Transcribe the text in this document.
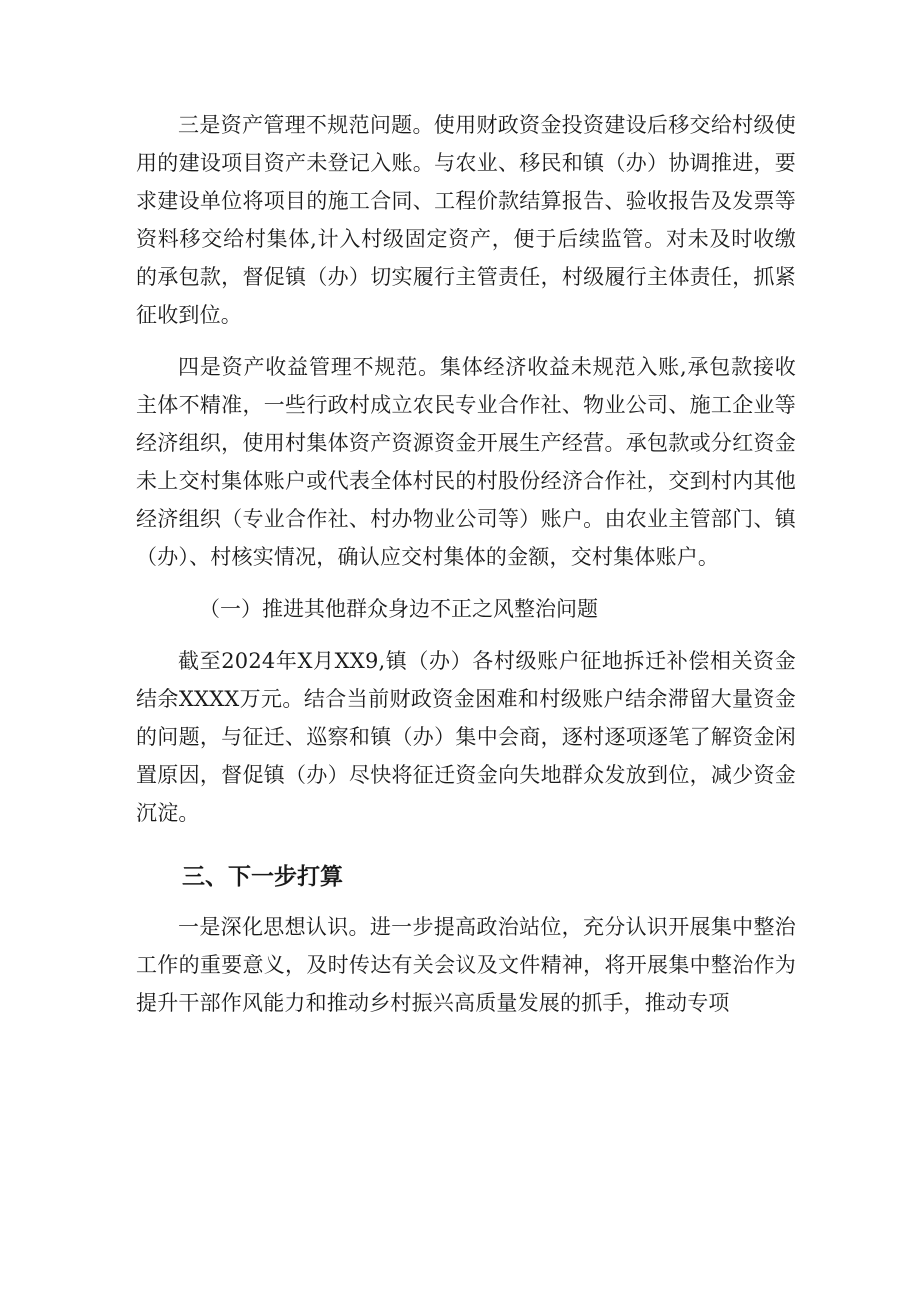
三是资产管理不规范问题。使用财政资金投资建设后移交给村级使用的建设项目资产未登记入账。与农业、移民和镇（办）协调推进，要求建设单位将项目的施工合同、工程价款结算报告、验收报告及发票等资料移交给村集体,计入村级固定资产，便于后续监管。对未及时收缴的承包款，督促镇（办）切实履行主管责任，村级履行主体责任，抓紧征收到位。

四是资产收益管理不规范。集体经济收益未规范入账,承包款接收主体不精准，一些行政村成立农民专业合作社、物业公司、施工企业等经济组织，使用村集体资产资源资金开展生产经营。承包款或分红资金未上交村集体账户或代表全体村民的村股份经济合作社，交到村内其他经济组织（专业合作社、村办物业公司等）账户。由农业主管部门、镇（办）、村核实情况，确认应交村集体的金额，交村集体账户。

（一）推进其他群众身边不正之风整治问题

截至2024年X月XX9,镇（办）各村级账户征地拆迁补偿相关资金结余XXXX万元。结合当前财政资金困难和村级账户结余滞留大量资金的问题，与征迁、巡察和镇（办）集中会商，逐村逐项逐笔了解资金闲置原因，督促镇（办）尽快将征迁资金向失地群众发放到位，减少资金沉淀。

三、下一步打算

一是深化思想认识。进一步提高政治站位，充分认识开展集中整治工作的重要意义，及时传达有关会议及文件精神，将开展集中整治作为提升干部作风能力和推动乡村振兴高质量发展的抓手，推动专项
